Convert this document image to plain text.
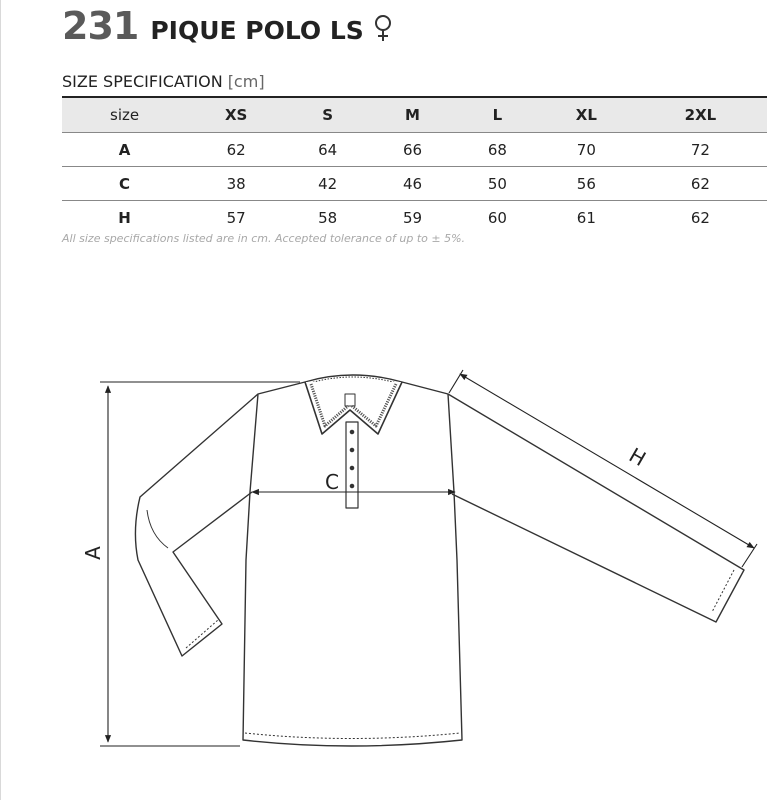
231 PIQUE POLO LS
SIZE SPECIFICATION [cm]
size	XS	S	M	L	XL	2XL
A	62	64	66	68	70	72
C	38	42	46	50	56	62
H	57	58	59	60	61	62
All size specifications listed are in cm. Accepted tolerance of up to ± 5%.
A
C
H
